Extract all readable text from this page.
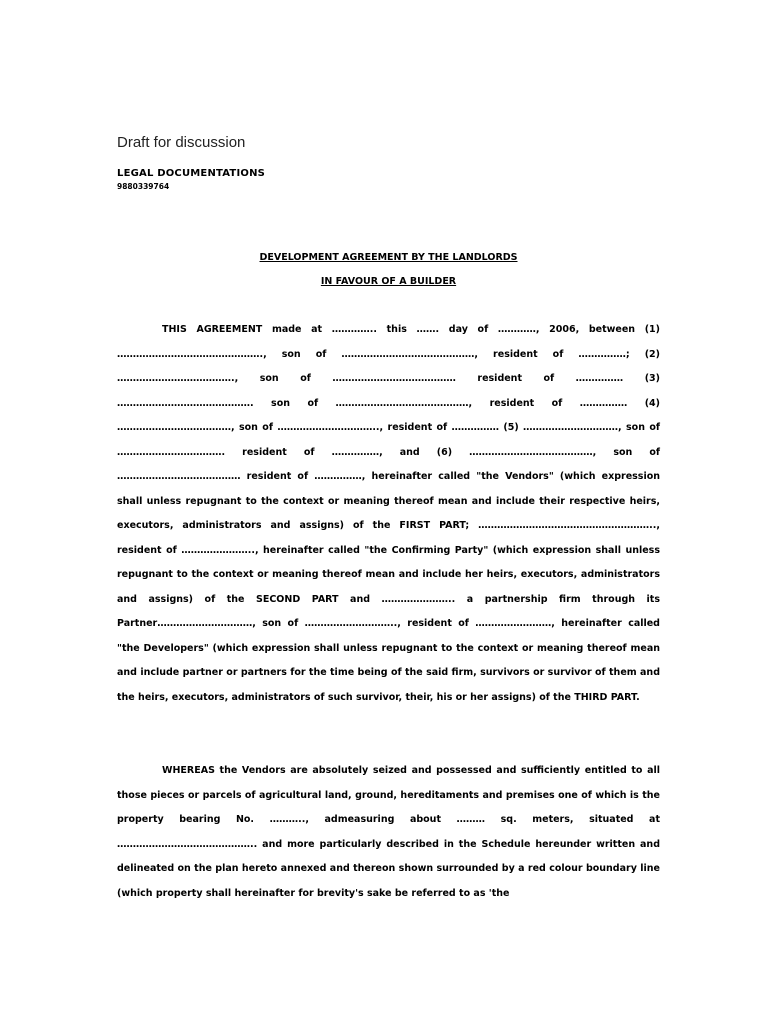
Draft for discussion
LEGAL DOCUMENTATIONS
9880339764
DEVELOPMENT AGREEMENT BY THE LANDLORDS
IN FAVOUR OF A BUILDER

THIS AGREEMENT made at ………….. this ……. day of …………, 2006, between (1) ………………………………………., son of ……………………………………, resident of ……………; (2) ………………………………., son of ………………………………… resident of …………… (3) ……………………………………. son of ……………………………………, resident of …………… (4) ………………………………, son of ………………………….., resident of …………… (5) …………………………, son of ……………………………. resident of ……………, and (6) …………………………………, son of ………………………………… resident of ……………, hereinafter called "the Vendors" (which expression shall unless repugnant to the context or meaning thereof mean and include their respective heirs, executors, administrators and assigns) of the FIRST PART; ……………………………………………….., resident of ………………….., hereinafter called "the Confirming Party" (which expression shall unless repugnant to the context or meaning thereof mean and include her heirs, executors, administrators and assigns) of the SECOND PART and ………………….. a partnership firm through its Partner…………………………, son of ……………………….., resident of ……………………, hereinafter called "the Developers" (which expression shall unless repugnant to the context or meaning thereof mean and include partner or partners for the time being of the said firm, survivors or survivor of them and the heirs, executors, administrators of such survivor, their, his or her assigns) of the THIRD PART.

WHEREAS the Vendors are absolutely seized and possessed and sufficiently entitled to all those pieces or parcels of agricultural land, ground, hereditaments and premises one of which is the property bearing No. ……….., admeasuring about ……… sq. meters, situated at …………………………………….. and more particularly described in the Schedule hereunder written and delineated on the plan hereto annexed and thereon shown surrounded by a red colour boundary line (which property shall hereinafter for brevity's sake be referred to as 'the
